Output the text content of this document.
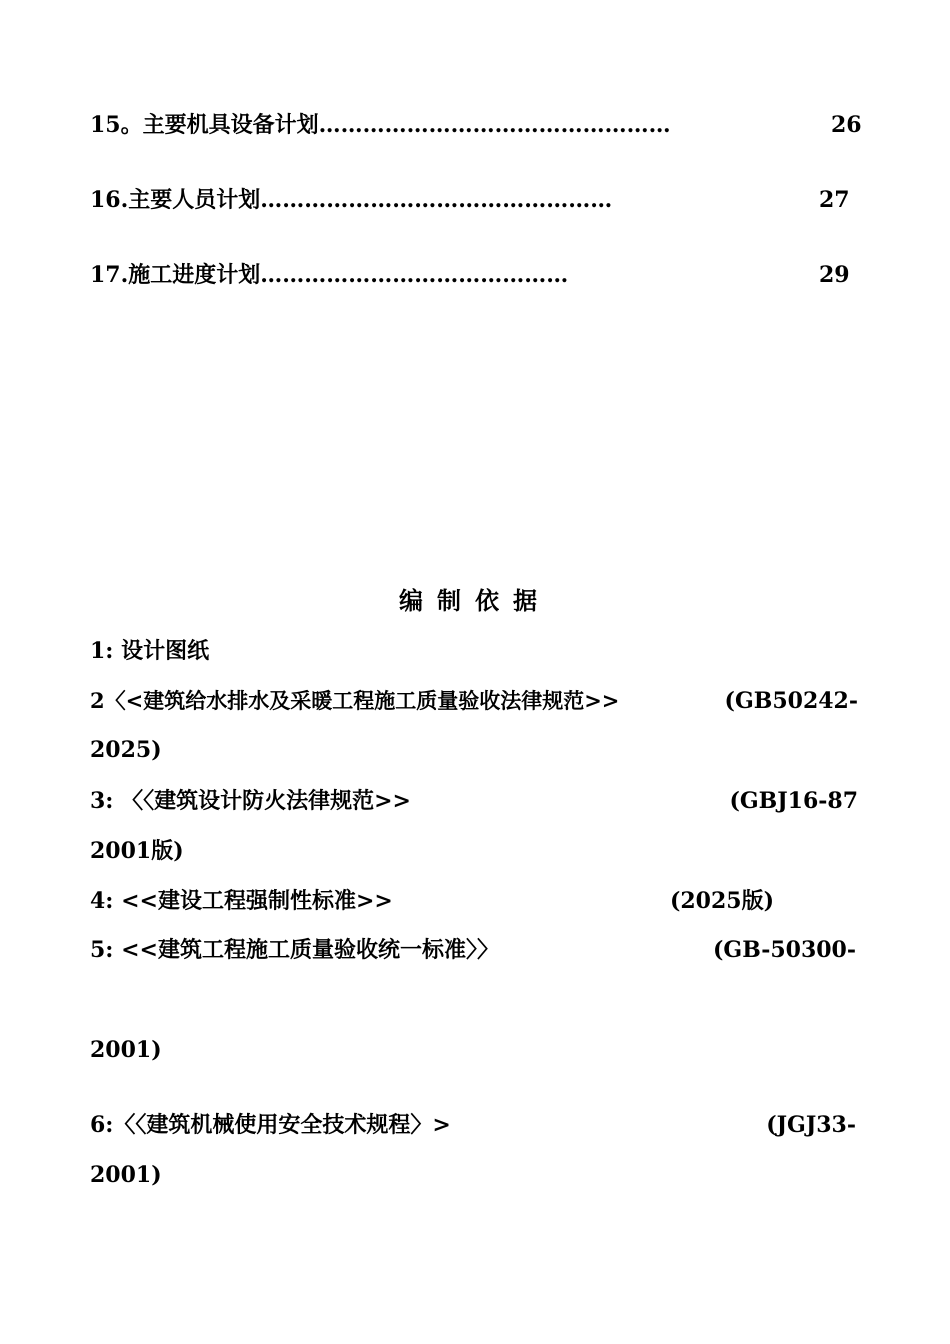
15。主要机具设备计划…………………………………………	26
16.主要人员计划…………………………………………	27
17.施工进度计划……………………………………	29
编制依据
1: 设计图纸
2〈<建筑给水排水及采暖工程施工质量验收法律规范>>	(GB50242-
2025)
3: 〈〈建筑设计防火法律规范>>	(GBJ16-87
2001版)
4: <<建设工程强制性标准>>	(2025版)
5: <<建筑工程施工质量验收统一标准〉〉	(GB-50300-
2001)
6:〈〈建筑机械使用安全技术规程〉>	(JGJ33-
2001)
